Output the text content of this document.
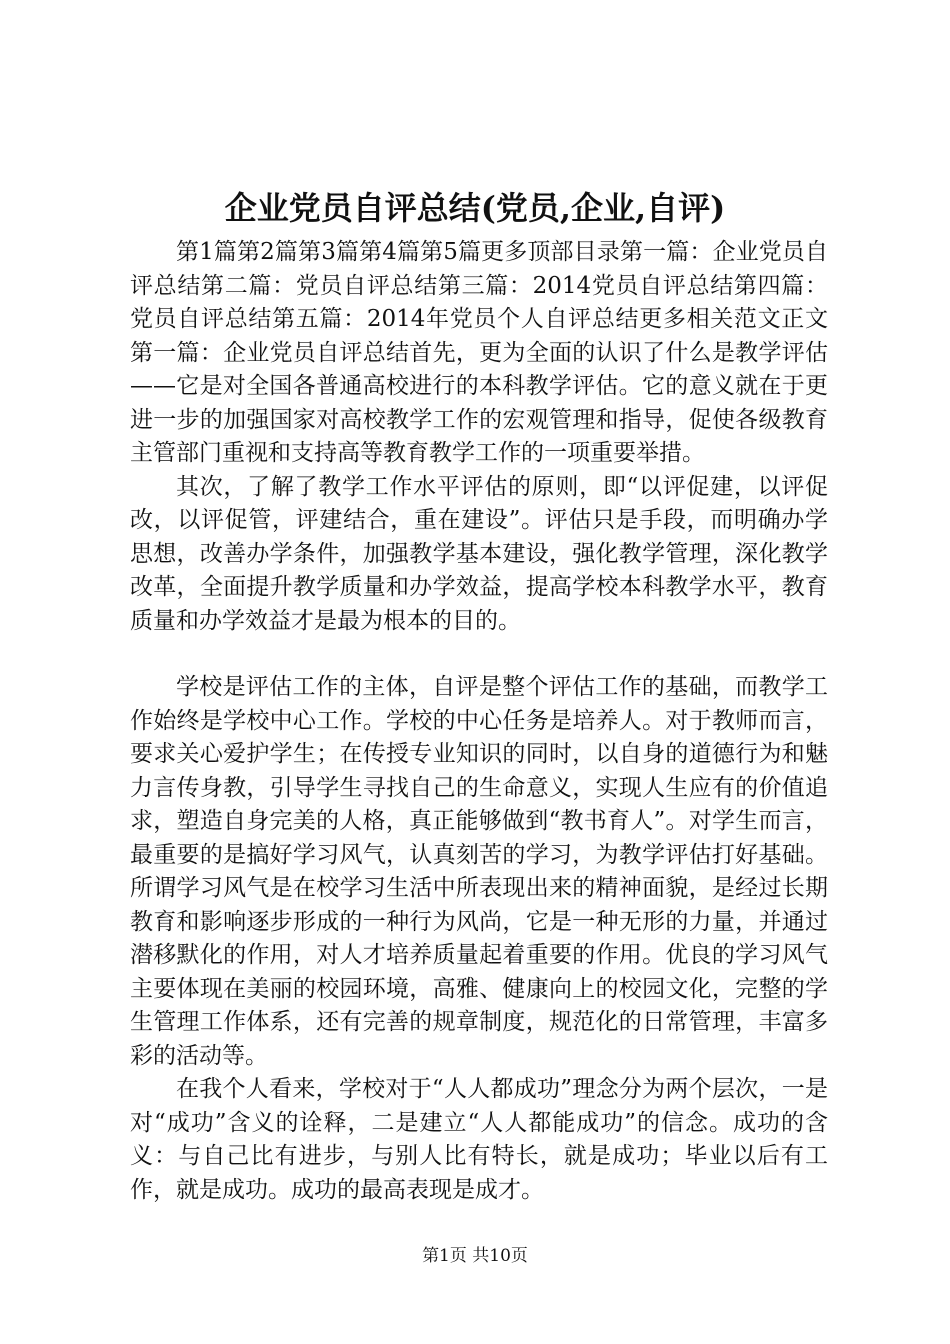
企业党员自评总结(党员,企业,自评)

第1篇第2篇第3篇第4篇第5篇更多顶部目录第一篇：企业党员自评总结第二篇：党员自评总结第三篇：2014党员自评总结第四篇：党员自评总结第五篇：2014年党员个人自评总结更多相关范文正文第一篇：企业党员自评总结首先，更为全面的认识了什么是教学评估——它是对全国各普通高校进行的本科教学评估。它的意义就在于更进一步的加强国家对高校教学工作的宏观管理和指导，促使各级教育主管部门重视和支持高等教育教学工作的一项重要举措。

其次，了解了教学工作水平评估的原则，即“以评促建，以评促改，以评促管，评建结合，重在建设”。评估只是手段，而明确办学思想，改善办学条件，加强教学基本建设，强化教学管理，深化教学改革，全面提升教学质量和办学效益，提高学校本科教学水平，教育质量和办学效益才是最为根本的目的。

学校是评估工作的主体，自评是整个评估工作的基础，而教学工作始终是学校中心工作。学校的中心任务是培养人。对于教师而言，要求关心爱护学生；在传授专业知识的同时，以自身的道德行为和魅力言传身教，引导学生寻找自己的生命意义，实现人生应有的价值追求，塑造自身完美的人格，真正能够做到“教书育人”。对学生而言，最重要的是搞好学习风气，认真刻苦的学习，为教学评估打好基础。所谓学习风气是在校学习生活中所表现出来的精神面貌，是经过长期教育和影响逐步形成的一种行为风尚，它是一种无形的力量，并通过潜移默化的作用，对人才培养质量起着重要的作用。优良的学习风气主要体现在美丽的校园环境，高雅、健康向上的校园文化，完整的学生管理工作体系，还有完善的规章制度，规范化的日常管理，丰富多彩的活动等。

在我个人看来，学校对于“人人都成功”理念分为两个层次，一是对“成功”含义的诠释，二是建立“人人都能成功”的信念。成功的含义：与自己比有进步，与别人比有特长，就是成功；毕业以后有工作，就是成功。成功的最高表现是成才。

第1页 共10页
